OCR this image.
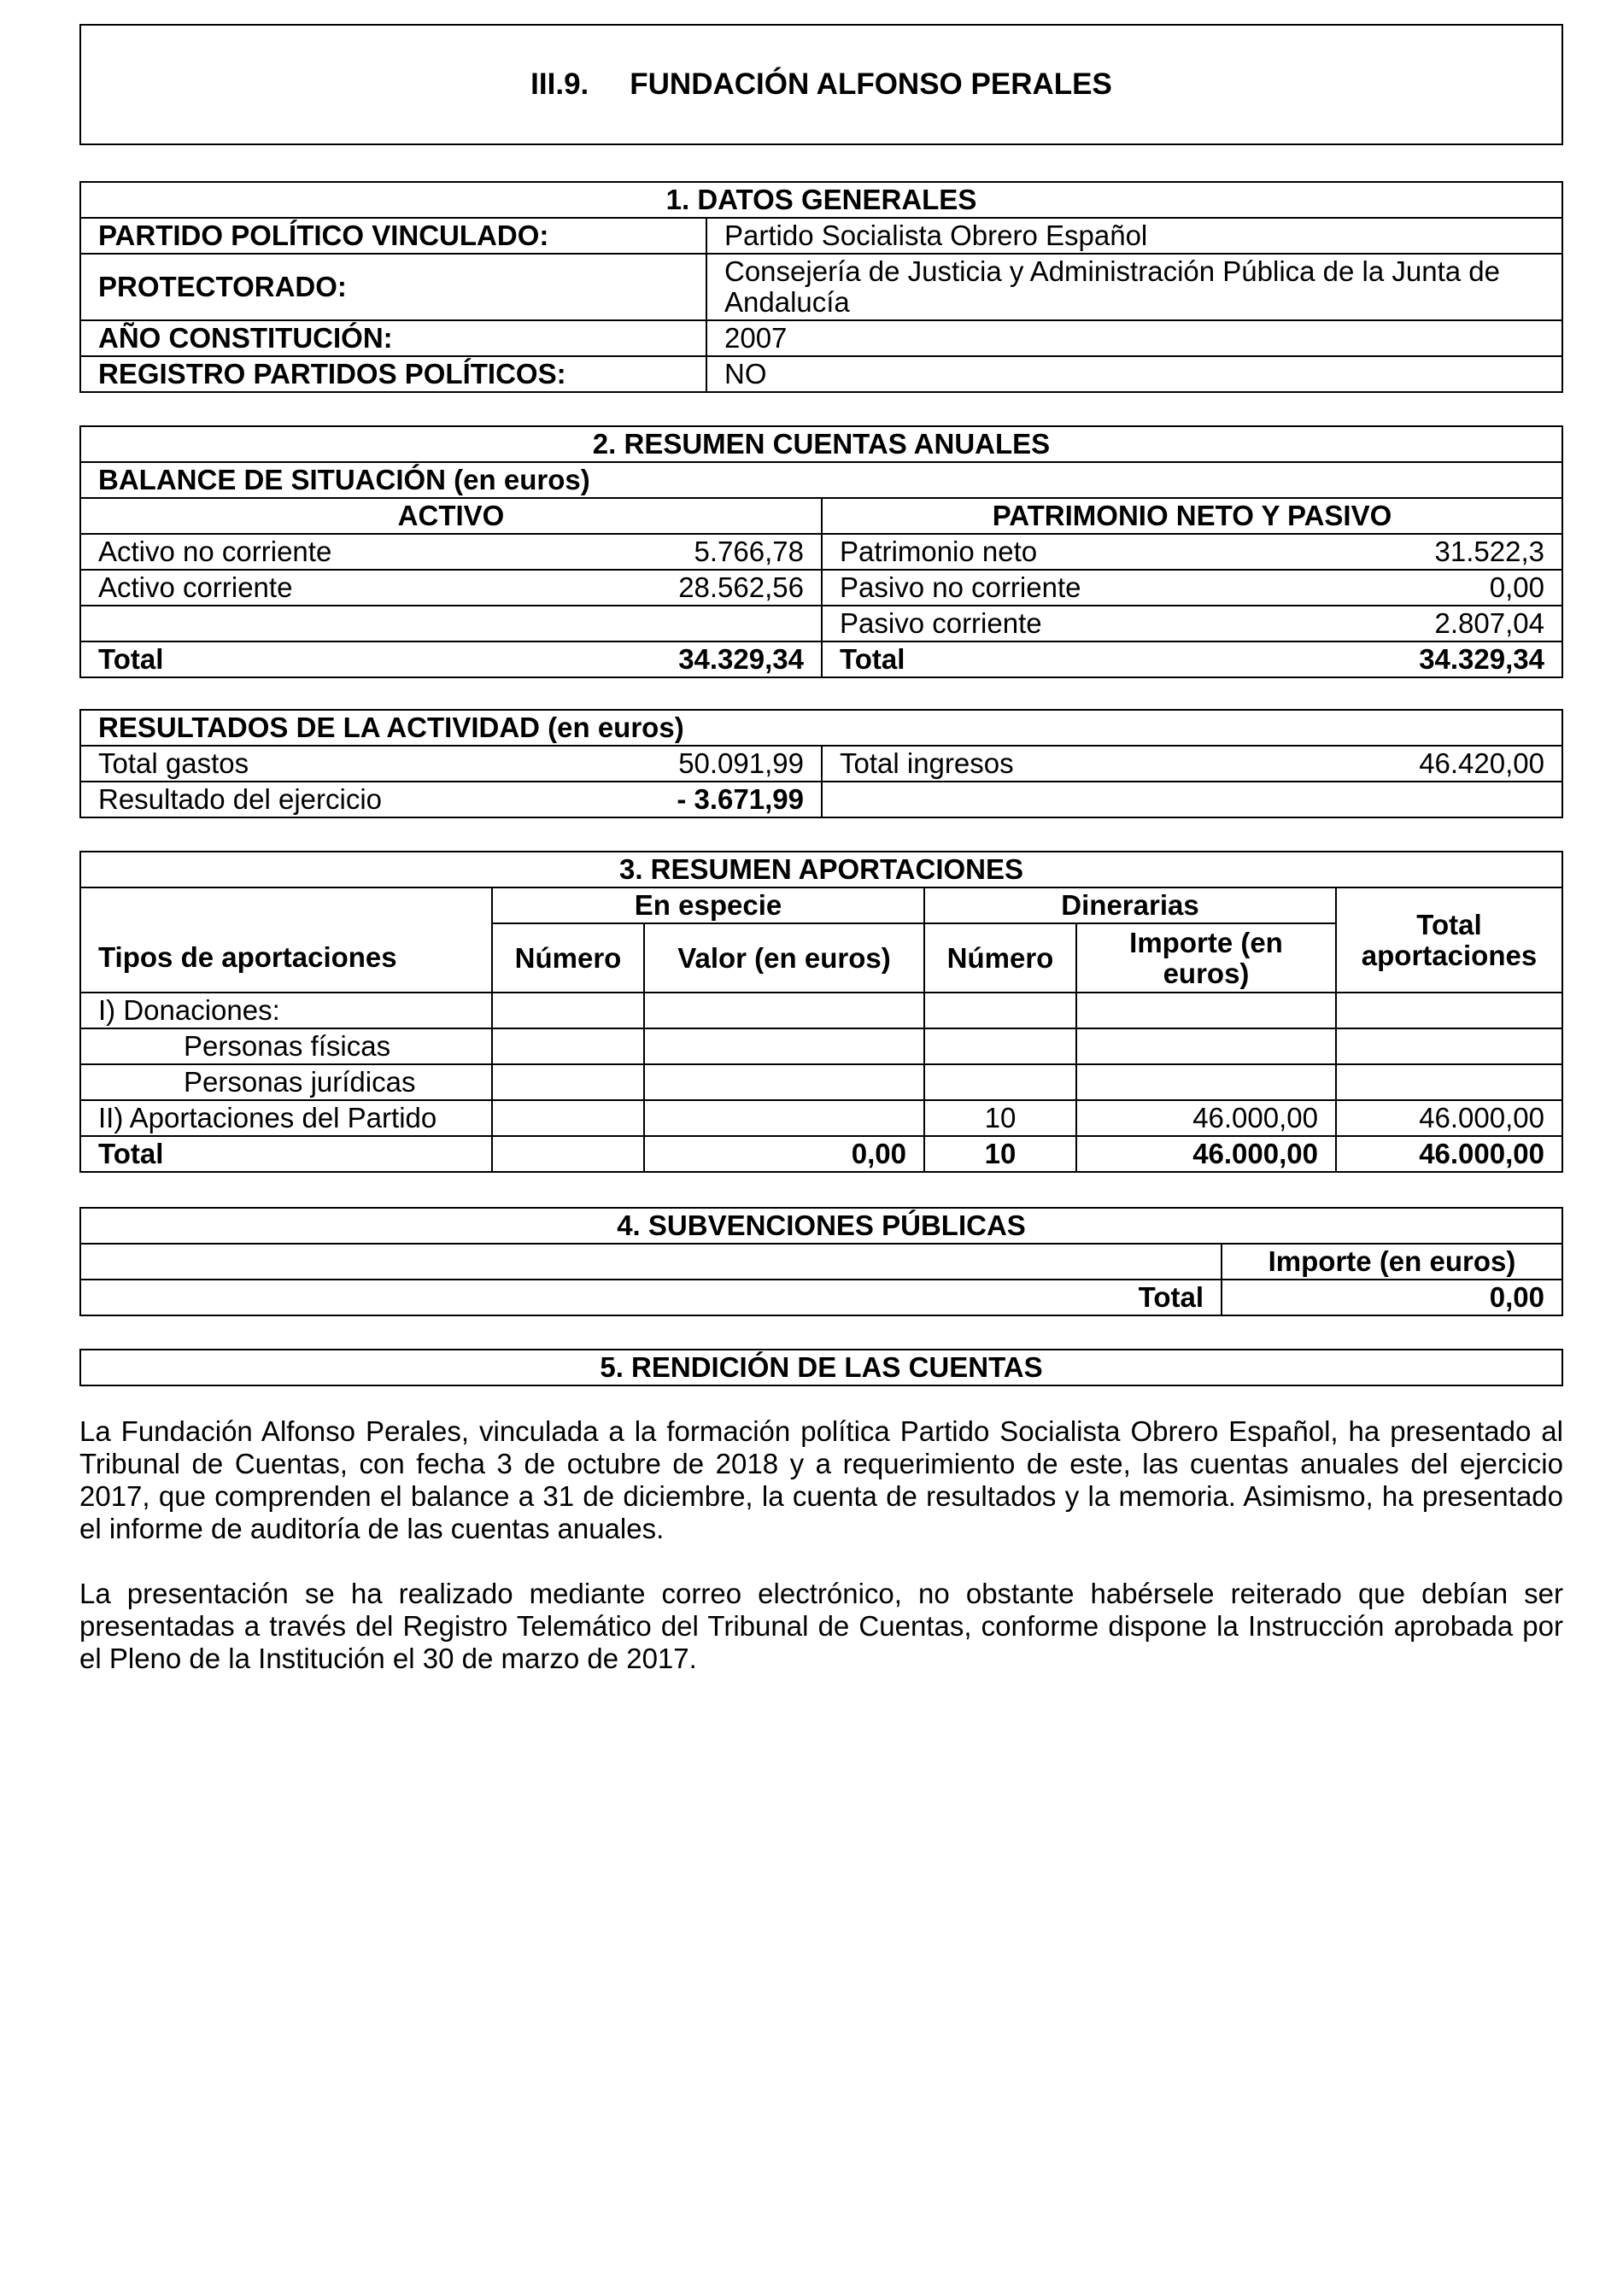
III.9. FUNDACIÓN ALFONSO PERALES
1. DATOS GENERALES	
PARTIDO POLÍTICO VINCULADO:	Partido Socialista Obrero Español
PROTECTORADO:	Consejería de Justicia y Administración Pública de la Junta de Andalucía
AÑO CONSTITUCIÓN:	2007
REGISTRO PARTIDOS POLÍTICOS:	NO
2. RESUMEN CUENTAS ANUALES			
BALANCE DE SITUACIÓN (en euros)			
ACTIVO		PATRIMONIO NETO Y PASIVO	
Activo no corriente	5.766,78	Patrimonio neto	31.522,3
Activo corriente	28.562,56	Pasivo no corriente	0,00
		Pasivo corriente	2.807,04
Total	34.329,34	Total	34.329,34
RESULTADOS DE LA ACTIVIDAD (en euros)			
Total gastos	50.091,99	Total ingresos	46.420,00
Resultado del ejercicio	- 3.671,99		
3. RESUMEN APORTACIONES					
	En especie		Dinerarias		Total aportaciones
Tipos de aportaciones	Número	Valor (en euros)	Número	Importe (en euros)	
I) Donaciones:					
Personas físicas					
Personas jurídicas					
II) Aportaciones del Partido			10	46.000,00	46.000,00
Total		0,00	10	46.000,00	46.000,00
4. SUBVENCIONES PÚBLICAS	
	Importe (en euros)
Total	0,00
5. RENDICIÓN DE LAS CUENTAS

La Fundación Alfonso Perales, vinculada a la formación política Partido Socialista Obrero Español, ha presentado al Tribunal de Cuentas, con fecha 3 de octubre de 2018 y a requerimiento de este, las cuentas anuales del ejercicio 2017, que comprenden el balance a 31 de diciembre, la cuenta de resultados y la memoria. Asimismo, ha presentado el informe de auditoría de las cuentas anuales.

La presentación se ha realizado mediante correo electrónico, no obstante habérsele reiterado que debían ser presentadas a través del Registro Telemático del Tribunal de Cuentas, conforme dispone la Instrucción aprobada por el Pleno de la Institución el 30 de marzo de 2017.
